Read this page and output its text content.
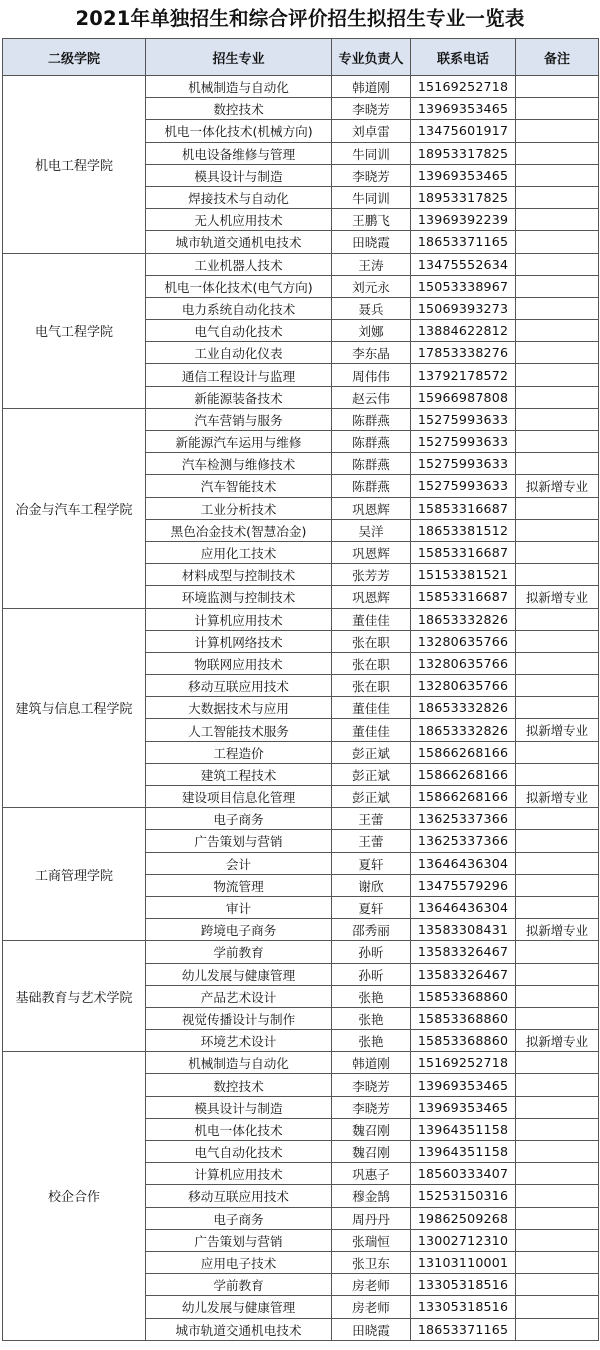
2021年单独招生和综合评价招生拟招生专业一览表
二级学院	招生专业	专业负责人	联系电话	备注
机电工程学院	机械制造与自动化	韩道刚	15169252718	
	数控技术	李晓芳	13969353465	
	机电一体化技术(机械方向)	刘卓雷	13475601917	
	机电设备维修与管理	牛同训	18953317825	
	模具设计与制造	李晓芳	13969353465	
	焊接技术与自动化	牛同训	18953317825	
	无人机应用技术	王鹏飞	13969392239	
	城市轨道交通机电技术	田晓霞	18653371165	
电气工程学院	工业机器人技术	王涛	13475552634	
	机电一体化技术(电气方向)	刘元永	15053338967	
	电力系统自动化技术	聂兵	15069393273	
	电气自动化技术	刘娜	13884622812	
	工业自动化仪表	李东晶	17853338276	
	通信工程设计与监理	周伟伟	13792178572	
	新能源装备技术	赵云伟	15966987808	
冶金与汽车工程学院	汽车营销与服务	陈群燕	15275993633	
	新能源汽车运用与维修	陈群燕	15275993633	
	汽车检测与维修技术	陈群燕	15275993633	
	汽车智能技术	陈群燕	15275993633	拟新增专业
	工业分析技术	巩恩辉	15853316687	
	黑色冶金技术(智慧冶金)	吴洋	18653381512	
	应用化工技术	巩恩辉	15853316687	
	材料成型与控制技术	张芳芳	15153381521	
	环境监测与控制技术	巩恩辉	15853316687	拟新增专业
建筑与信息工程学院	计算机应用技术	董佳佳	18653332826	
	计算机网络技术	张在职	13280635766	
	物联网应用技术	张在职	13280635766	
	移动互联应用技术	张在职	13280635766	
	大数据技术与应用	董佳佳	18653332826	
	人工智能技术服务	董佳佳	18653332826	拟新增专业
	工程造价	彭正斌	15866268166	
	建筑工程技术	彭正斌	15866268166	
	建设项目信息化管理	彭正斌	15866268166	拟新增专业
工商管理学院	电子商务	王蕾	13625337366	
	广告策划与营销	王蕾	13625337366	
	会计	夏轩	13646436304	
	物流管理	谢欣	13475579296	
	审计	夏轩	13646436304	
	跨境电子商务	邵秀丽	13583308431	拟新增专业
基础教育与艺术学院	学前教育	孙昕	13583326467	
	幼儿发展与健康管理	孙昕	13583326467	
	产品艺术设计	张艳	15853368860	
	视觉传播设计与制作	张艳	15853368860	
	环境艺术设计	张艳	15853368860	拟新增专业
校企合作	机械制造与自动化	韩道刚	15169252718	
	数控技术	李晓芳	13969353465	
	模具设计与制造	李晓芳	13969353465	
	机电一体化技术	魏召刚	13964351158	
	电气自动化技术	魏召刚	13964351158	
	计算机应用技术	巩惠子	18560333407	
	移动互联应用技术	穆金鹄	15253150316	
	电子商务	周丹丹	19862509268	
	广告策划与营销	张瑞恒	13002712310	
	应用电子技术	张卫东	13103110001	
	学前教育	房老师	13305318516	
	幼儿发展与健康管理	房老师	13305318516	
	城市轨道交通机电技术	田晓霞	18653371165	
